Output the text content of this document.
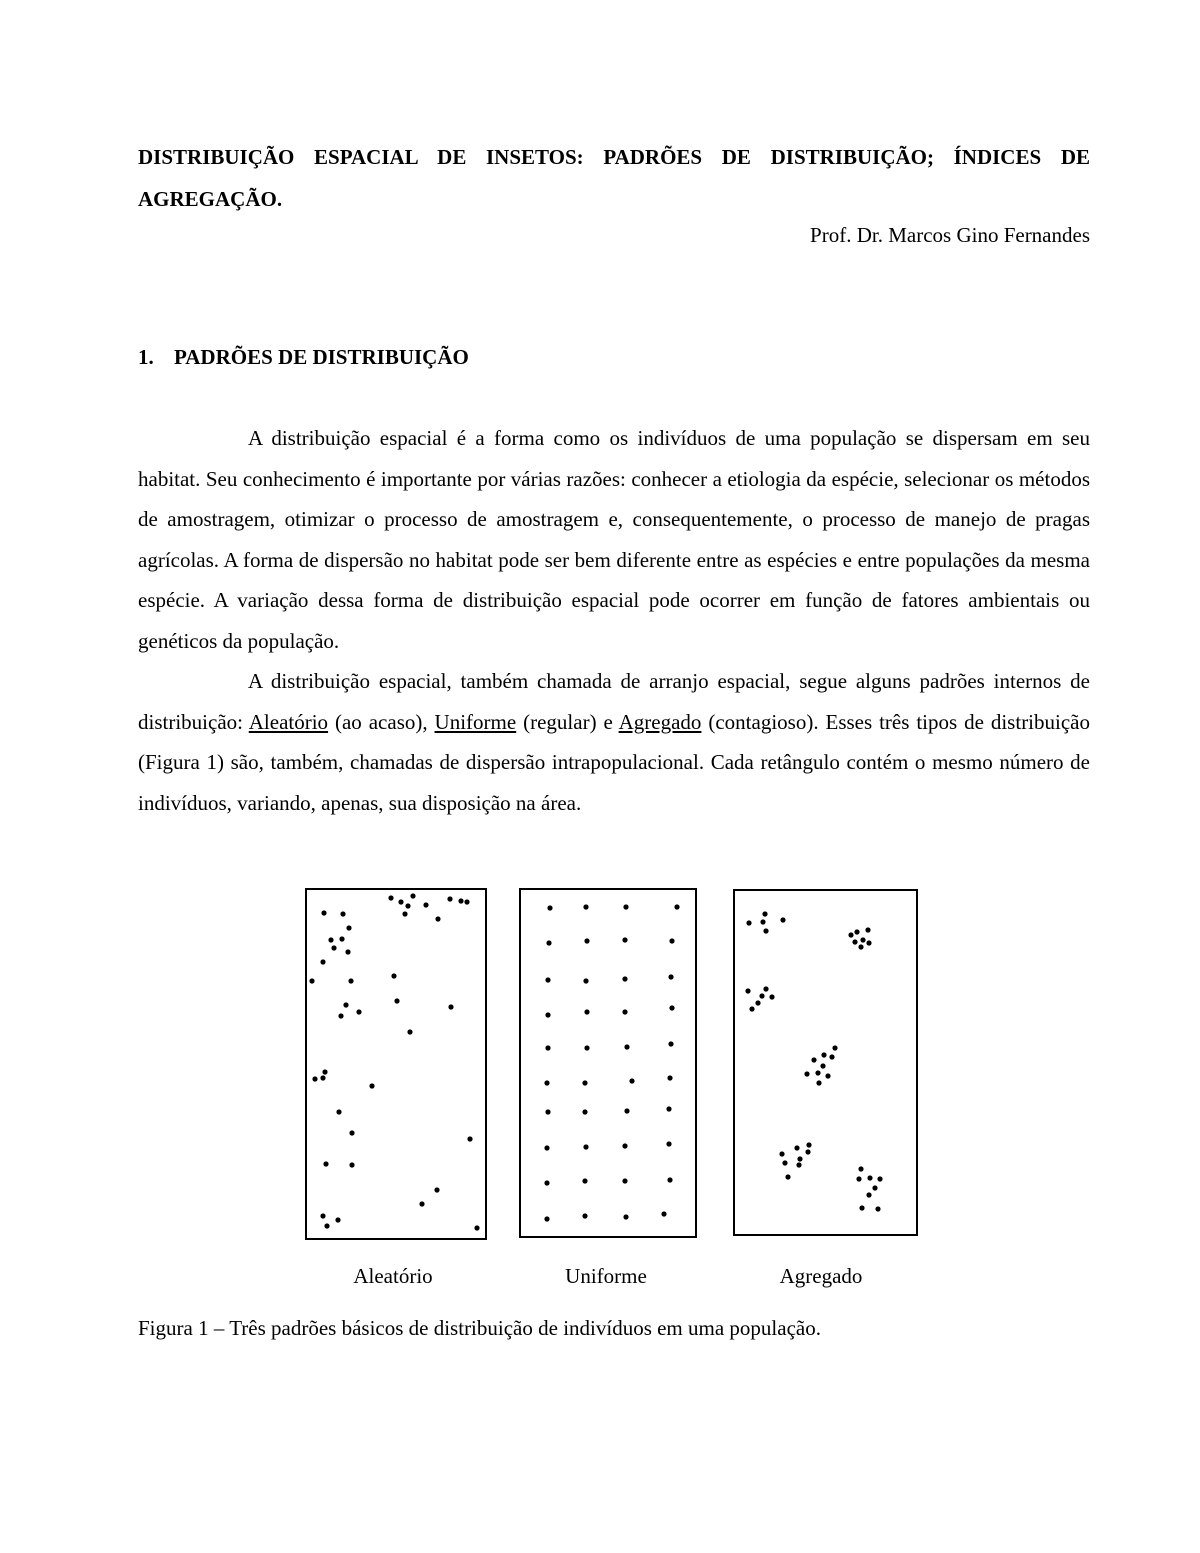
DISTRIBUIÇÃO ESPACIAL DE INSETOS: PADRÕES DE DISTRIBUIÇÃO; ÍNDICES DE AGREGAÇÃO.

Prof. Dr. Marcos Gino Fernandes

1. PADRÕES DE DISTRIBUIÇÃO

A distribuição espacial é a forma como os indivíduos de uma população se dispersam em seu habitat. Seu conhecimento é importante por várias razões: conhecer a etiologia da espécie, selecionar os métodos de amostragem, otimizar o processo de amostragem e, consequentemente, o processo de manejo de pragas agrícolas. A forma de dispersão no habitat pode ser bem diferente entre as espécies e entre populações da mesma espécie. A variação dessa forma de distribuição espacial pode ocorrer em função de fatores ambientais ou genéticos da população.

A distribuição espacial, também chamada de arranjo espacial, segue alguns padrões internos de distribuição: Aleatório (ao acaso), Uniforme (regular) e Agregado (contagioso). Esses três tipos de distribuição (Figura 1) são, também, chamadas de dispersão intrapopulacional. Cada retângulo contém o mesmo número de indivíduos, variando, apenas, sua disposição na área.

Aleatório	Uniforme	Agregado

Figura 1 – Três padrões básicos de distribuição de indivíduos em uma população.
